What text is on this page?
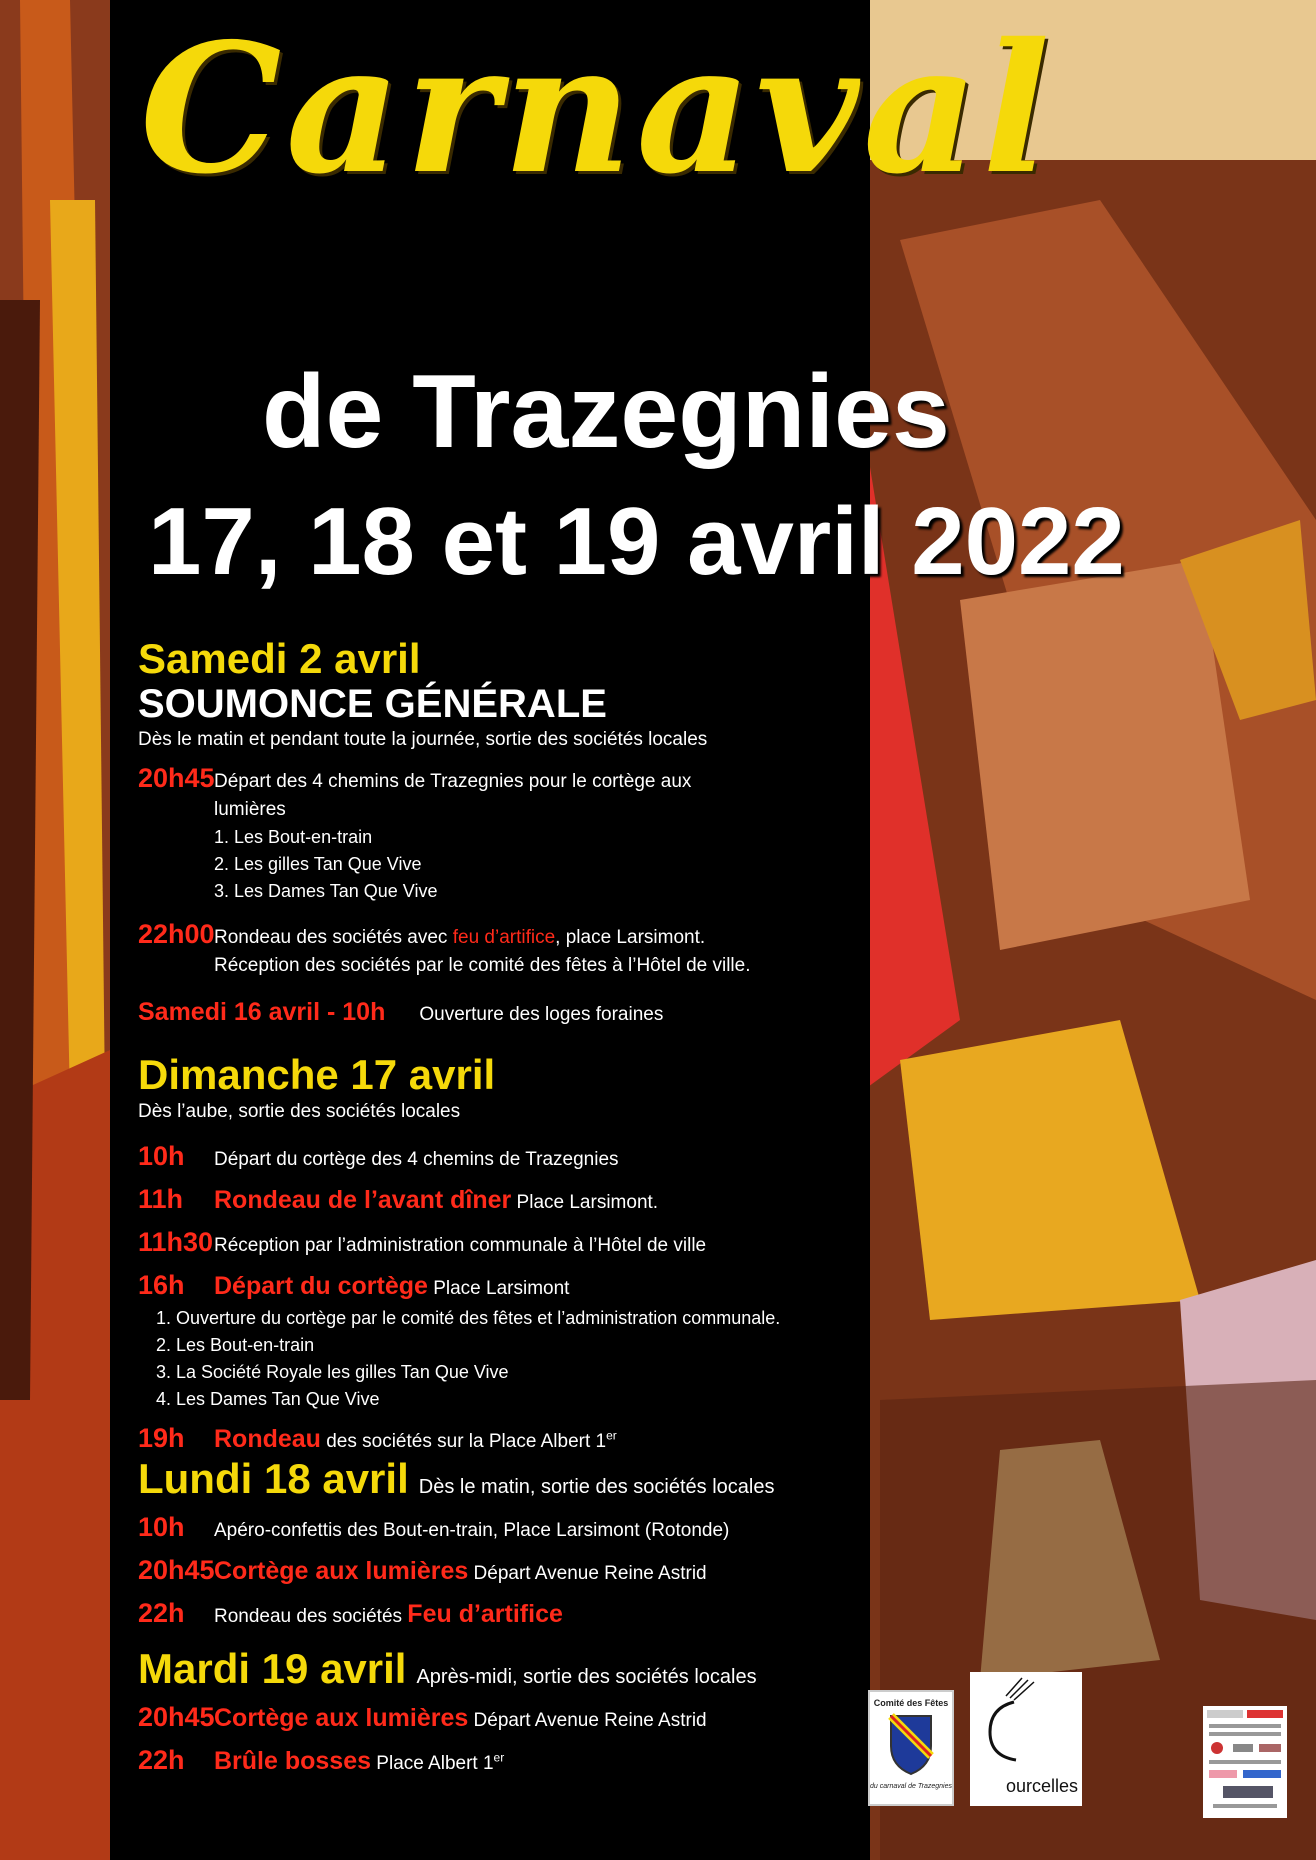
Carnaval
de Trazegnies
17, 18 et 19 avril 2022
Samedi 2 avril
SOUMONCE GÉNÉRALE
Dès le matin et pendant toute la journée, sortie des sociétés locales
20h45 Départ des 4 chemins de Trazegnies pour le cortège aux
lumières
1. Les Bout-en-train
2. Les gilles Tan Que Vive
3. Les Dames Tan Que Vive
22h00 Rondeau des sociétés avec feu d’artifice, place Larsimont.
Réception des sociétés par le comité des fêtes à l’Hôtel de ville.
Samedi 16 avril - 10h Ouverture des loges foraines
Dimanche 17 avril
Dès l’aube, sortie des sociétés locales
10h	Départ du cortège des 4 chemins de Trazegnies
11h	Rondeau de l’avant dîner Place Larsimont.
11h30 Réception par l’administration communale à l’Hôtel de ville
16h	Départ du cortège Place Larsimont
1. Ouverture du cortège par le comité des fêtes et l’administration communale.
2. Les Bout-en-train
3. La Société Royale les gilles Tan Que Vive
4. Les Dames Tan Que Vive
19h	Rondeau des sociétés sur la Place Albert 1er
Lundi 18 avril Dès le matin, sortie des sociétés locales
10h	Apéro-confettis des Bout-en-train, Place Larsimont (Rotonde)
20h45 Cortège aux lumières Départ Avenue Reine Astrid
22h	Rondeau des sociétés Feu d’artifice
Mardi 19 avril Après-midi, sortie des sociétés locales
20h45 Cortège aux lumières Départ Avenue Reine Astrid
22h	Brûle bosses Place Albert 1er
Comité des Fêtes
du carnaval de Trazegnies	ourcelles
